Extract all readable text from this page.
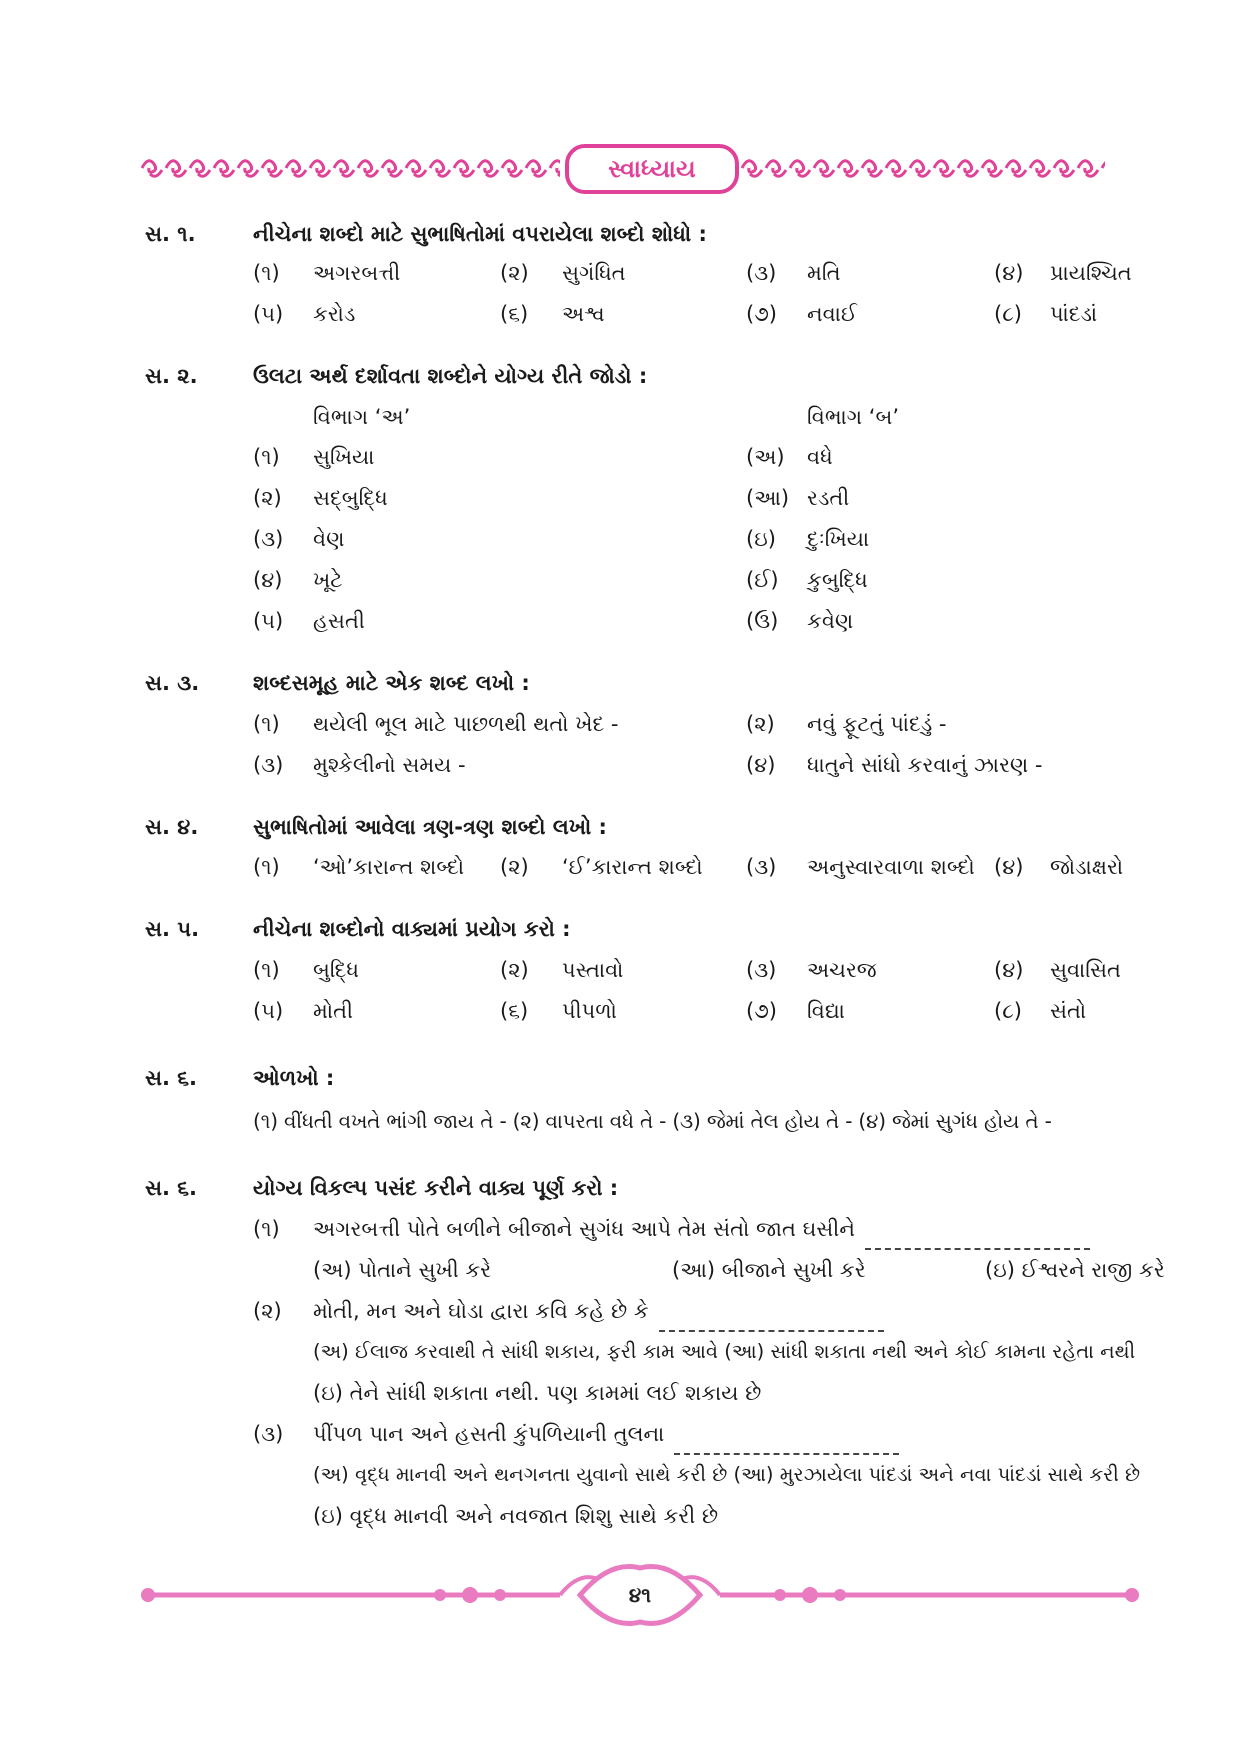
સ્વાધ્યાય
સ. ૧.	નીચેના શબ્દો માટે સુભાષિતોમાં વપરાયેલા શબ્દો શોધો :
(૧) અગરબત્તી	(૨) સુગંધિત	(૩) મતિ	(૪) પ્રાયશ્ચિત
(૫) કરોડ	(૬) અશ્વ	(૭) નવાઈ	(૮) પાંદડાં
સ. ૨.	ઉલટા અર્થ દર્શાવતા શબ્દોને યોગ્ય રીતે જોડો :
વિભાગ ‘અ’	વિભાગ ‘બ’
(૧) સુખિયા	(અ) વધે
(૨) સદ્બુદ્ધિ	(આ) રડતી
(૩) વેણ	(ઇ) દુઃખિયા
(૪) ખૂટે	(ઈ) કુબુદ્ધિ
(૫) હસતી	(ઉ) કવેણ
સ. ૩.	શબ્દસમૂહ માટે એક શબ્દ લખો :
(૧) થયેલી ભૂલ માટે પાછળથી થતો ખેદ -	(૨) નવું ફૂટતું પાંદડું -
(૩) મુશ્કેલીનો સમય -	(૪) ધાતુને સાંધો કરવાનું ઝારણ -
સ. ૪.	સુભાષિતોમાં આવેલા ત્રણ-ત્રણ શબ્દો લખો :
(૧) ‘ઓ’કારાન્ત શબ્દો (૨) ‘ઈ’કારાન્ત શબ્દો (૩) અનુસ્વારવાળા શબ્દો (૪) જોડાક્ષરો
સ. ૫.	નીચેના શબ્દોનો વાક્યમાં પ્રયોગ કરો :
(૧) બુદ્ધિ	(૨) પસ્તાવો	(૩) અચરજ	(૪) સુવાસિત
(૫) મોતી	(૬) પીપળો	(૭) વિદ્યા	(૮) સંતો
સ. ૬.	ઓળખો :
(૧) વીંધતી વખતે ભાંગી જાય તે - (૨) વાપરતા વધે તે - (૩) જેમાં તેલ હોય તે - (૪) જેમાં સુગંધ હોય તે -
સ. ૬.	યોગ્ય વિકલ્પ પસંદ કરીને વાક્ય પૂર્ણ કરો :
(૧) અગરબત્તી પોતે બળીને બીજાને સુગંધ આપે તેમ સંતો જાત ઘસીને
(અ) પોતાને સુખી કરે	(આ) બીજાને સુખી કરે	(ઇ) ઈશ્વરને રાજી કરે
(૨) મોતી, મન અને ઘોડા દ્વારા કવિ કહે છે કે
(અ) ઈલાજ કરવાથી તે સાંધી શકાય, ફરી કામ આવે (આ) સાંધી શકાતા નથી અને કોઈ કામના રહેતા નથી
(ઇ) તેને સાંધી શકાતા નથી. પણ કામમાં લઈ શકાય છે
(૩) પીંપળ પાન અને હસતી કુંપળિયાની તુલના
(અ) વૃદ્ધ માનવી અને થનગનતા યુવાનો સાથે કરી છે (આ) મુરઝાયેલા પાંદડાં અને નવા પાંદડાં સાથે કરી છે
(ઇ) વૃદ્ધ માનવી અને નવજાત શિશુ સાથે કરી છે
૪૧
